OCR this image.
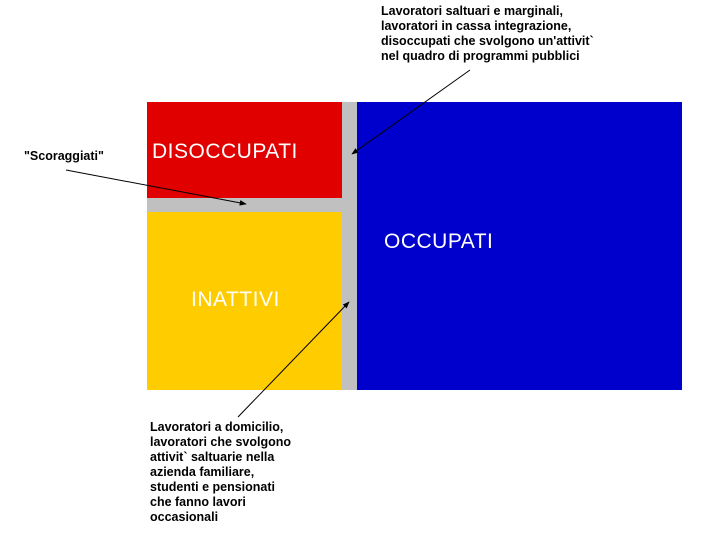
DISOCCUPATI
INATTIVI
OCCUPATI
Lavoratori saltuari e marginali,
lavoratori in cassa integrazione,
disoccupati che svolgono un'attivit`
nel quadro di programmi pubblici
"Scoraggiati"
Lavoratori a domicilio,
lavoratori che svolgono
attivit` saltuarie nella
azienda familiare,
studenti e pensionati
che fanno lavori
occasionali
